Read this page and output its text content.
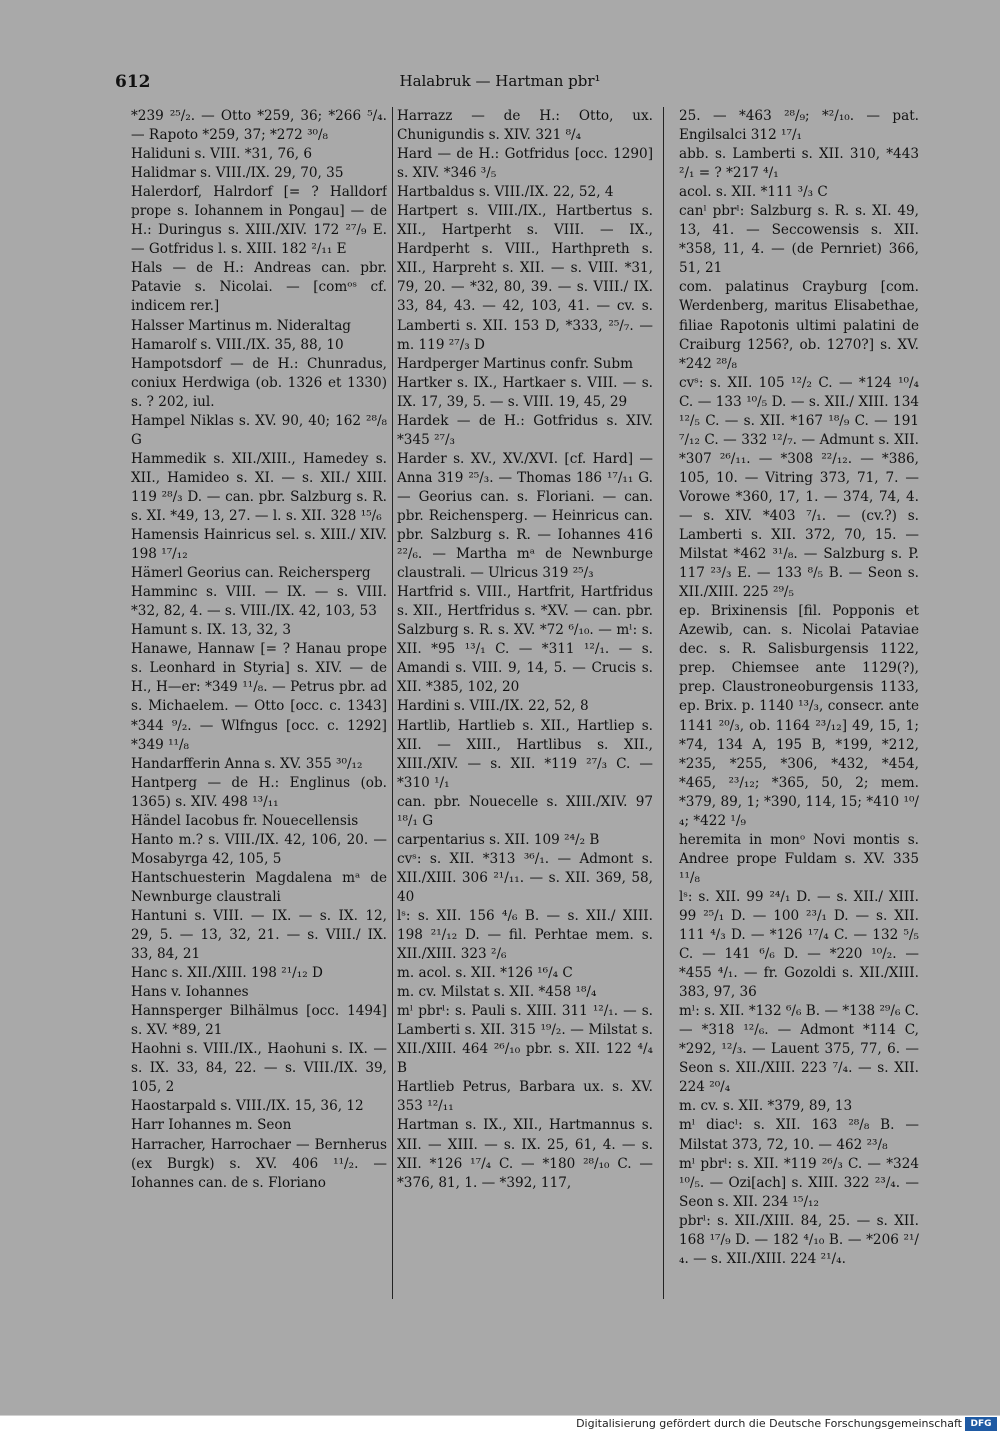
612	Halabruk — Hartman pbr¹

*239 ²⁵/₂. — Otto *259, 36; *266 ⁵/₄. — Rapoto *259, 37; *272 ³⁰/₈

Haliduni s. VIII. *31, 76, 6

Halidmar s. VIII./IX. 29, 70, 35

Halerdorf, Halrdorf [= ? Halldorf prope s. Iohannem in Pongau] — de H.: Duringus s. XIII./XIV. 172 ²⁷/₉ E. — Gotfridus l. s. XIII. 182 ²/₁₁ E

Hals — de H.: Andreas can. pbr. Patavie s. Nicolai. — [comᵒˢ cf. indicem rer.]

Halsser Martinus m. Nideraltag

Hamarolf s. VIII./IX. 35, 88, 10

Hampotsdorf — de H.: Chunradus, coniux Herdwiga (ob. 1326 et 1330) s. ? 202, iul.

Hampel Niklas s. XV. 90, 40; 162 ²⁸/₈ G

Hammedik s. XII./XIII., Hamedey s. XII., Hamideo s. XI. — s. XII./ XIII. 119 ²⁸/₃ D. — can. pbr. Salzburg s. R. s. XI. *49, 13, 27. — l. s. XII. 328 ¹⁵/₆

Hamensis Hainricus sel. s. XIII./ XIV. 198 ¹⁷/₁₂

Hämerl Georius can. Reichersperg

Hamminc s. VIII. — IX. — s. VIII. *32, 82, 4. — s. VIII./IX. 42, 103, 53

Hamunt s. IX. 13, 32, 3

Hanawe, Hannaw [= ? Hanau prope s. Leonhard in Styria] s. XIV. — de H., H—er: *349 ¹¹/₈. — Petrus pbr. ad s. Michaelem. — Otto [occ. c. 1343] *344 ⁹/₂. — Wlfngus [occ. c. 1292] *349 ¹¹/₈

Handarfferin Anna s. XV. 355 ³⁰/₁₂

Hantperg — de H.: Englinus (ob. 1365) s. XIV. 498 ¹³/₁₁

Händel Iacobus fr. Nouecellensis

Hanto m.? s. VIII./IX. 42, 106, 20. — Mosabyrga 42, 105, 5

Hantschuesterin Magdalena mᵃ de Newnburge claustrali

Hantuni s. VIII. — IX. — s. IX. 12, 29, 5. — 13, 32, 21. — s. VIII./ IX. 33, 84, 21

Hanc s. XII./XIII. 198 ²¹/₁₂ D

Hans v. Iohannes

Hannsperger Bilhälmus [occ. 1494] s. XV. *89, 21

Haohni s. VIII./IX., Haohuni s. IX. — s. IX. 33, 84, 22. — s. VIII./IX. 39, 105, 2

Haostarpald s. VIII./IX. 15, 36, 12

Harr Iohannes m. Seon

Harracher, Harrochaer — Bernherus (ex Burgk) s. XV. 406 ¹¹/₂. — Iohannes can. de s. Floriano

Harrazz — de H.: Otto, ux. Chunigundis s. XIV. 321 ⁸/₄

Hard — de H.: Gotfridus [occ. 1290] s. XIV. *346 ³/₅

Hartbaldus s. VIII./IX. 22, 52, 4

Hartpert s. VIII./IX., Hartbertus s. XII., Hartperht s. VIII. — IX., Hardperht s. VIII., Harthpreth s. XII., Harpreht s. XII. — s. VIII. *31, 79, 20. — *32, 80, 39. — s. VIII./ IX. 33, 84, 43. — 42, 103, 41. — cv. s. Lamberti s. XII. 153 D, *333, ²⁵/₇. — m. 119 ²⁷/₃ D

Hardperger Martinus confr. Subm

Hartker s. IX., Hartkaer s. VIII. — s. IX. 17, 39, 5. — s. VIII. 19, 45, 29

Hardek — de H.: Gotfridus s. XIV. *345 ²⁷/₃

Harder s. XV., XV./XVI. [cf. Hard] — Anna 319 ²⁵/₃. — Thomas 186 ¹⁷/₁₁ G. — Georius can. s. Floriani. — can. pbr. Reichensperg. — Heinricus can. pbr. Salzburg s. R. — Iohannes 416 ²²/₆. — Martha mᵃ de Newnburge claustrali. — Ulricus 319 ²⁵/₃

Hartfrid s. VIII., Hartfrit, Hartfridus s. XII., Hertfridus s. *XV. — can. pbr. Salzburg s. R. s. XV. *72 ⁶/₁₀. — mˡ: s. XII. *95 ¹³/₁ C. — *311 ¹²/₁. — s. Amandi s. VIII. 9, 14, 5. — Crucis s. XII. *385, 102, 20

Hardini s. VIII./IX. 22, 52, 8

Hartlib, Hartlieb s. XII., Hartliep s. XII. — XIII., Hartlibus s. XII., XIII./XIV. — s. XII. *119 ²⁷/₃ C. — *310 ¹/₁

can. pbr. Nouecelle s. XIII./XIV. 97 ¹⁸/₁ G

carpentarius s. XII. 109 ²⁴/₂ B

cvˢ: s. XII. *313 ³⁶/₁. — Admont s. XII./XIII. 306 ²¹/₁₁. — s. XII. 369, 58, 40

lˢ: s. XII. 156 ⁴/₆ B. — s. XII./ XIII. 198 ²¹/₁₂ D. — fil. Perhtae mem. s. XII./XIII. 323 ²/₆

m. acol. s. XII. *126 ¹⁶/₄ C

m. cv. Milstat s. XII. *458 ¹⁸/₄

mˡ pbrˡ: s. Pauli s. XIII. 311 ¹²/₁. — s. Lamberti s. XII. 315 ¹⁹/₂. — Milstat s. XII./XIII. 464 ²⁶/₁₀ pbr. s. XII. 122 ⁴/₄ B

Hartlieb Petrus, Barbara ux. s. XV. 353 ¹²/₁₁

Hartman s. IX., XII., Hartmannus s. XII. — XIII. — s. IX. 25, 61, 4. — s. XII. *126 ¹⁷/₄ C. — *180 ²⁸/₁₀ C. — *376, 81, 1. — *392, 117,

25. — *463 ²⁸/₉; *²/₁₀. — pat. Engilsalci 312 ¹⁷/₁

abb. s. Lamberti s. XII. 310, *443 ²/₁ = ? *217 ⁴/₁

acol. s. XII. *111 ³/₃ C

canˡ pbrˡ: Salzburg s. R. s. XI. 49, 13, 41. — Seccowensis s. XII. *358, 11, 4. — (de Pernriet) 366, 51, 21

com. palatinus Crayburg [com. Werdenberg, maritus Elisabethae, filiae Rapotonis ultimi palatini de Craiburg 1256?, ob. 1270?] s. XV. *242 ²⁸/₈

cvˢ: s. XII. 105 ¹²/₂ C. — *124 ¹⁰/₄ C. — 133 ¹⁰/₅ D. — s. XII./ XIII. 134 ¹²/₅ C. — s. XII. *167 ¹⁸/₉ C. — 191 ⁷/₁₂ C. — 332 ¹²/₇. — Admunt s. XII. *307 ²⁶/₁₁. — *308 ²²/₁₂. — *386, 105, 10. — Vitring 373, 71, 7. — Vorowe *360, 17, 1. — 374, 74, 4. — s. XIV. *403 ⁷/₁. — (cv.?) s. Lamberti s. XII. 372, 70, 15. — Milstat *462 ³¹/₈. — Salzburg s. P. 117 ²³/₃ E. — 133 ⁸/₅ B. — Seon s. XII./XIII. 225 ²⁹/₅

ep. Brixinensis [fil. Popponis et Azewib, can. s. Nicolai Pataviae dec. s. R. Salisburgensis 1122, prep. Chiemsee ante 1129(?), prep. Claustroneoburgensis 1133, ep. Brix. p. 1140 ¹³/₃, consecr. ante 1141 ²⁰/₃, ob. 1164 ²³/₁₂] 49, 15, 1; *74, 134 A, 195 B, *199, *212, *235, *255, *306, *432, *454, *465, ²³/₁₂; *365, 50, 2; mem. *379, 89, 1; *390, 114, 15; *410 ¹⁰/₄; *422 ¹/₉

heremita in monᵒ Novi montis s. Andree prope Fuldam s. XV. 335 ¹¹/₈

lˢ: s. XII. 99 ²⁴/₁ D. — s. XII./ XIII. 99 ²⁵/₁ D. — 100 ²³/₁ D. — s. XII. 111 ⁴/₃ D. — *126 ¹⁷/₄ C. — 132 ⁵/₅ C. — 141 ⁶/₆ D. — *220 ¹⁰/₂. — *455 ⁴/₁. — fr. Gozoldi s. XII./XIII. 383, 97, 36

mˡ: s. XII. *132 ⁶/₆ B. — *138 ²⁹/₆ C. — *318 ¹²/₆. — Admont *114 C, *292, ¹²/₃. — Lauent 375, 77, 6. — Seon s. XII./XIII. 223 ⁷/₄. — s. XII. 224 ²⁰/₄

m. cv. s. XII. *379, 89, 13

mˡ diacˡ: s. XII. 163 ²⁸/₈ B. — Milstat 373, 72, 10. — 462 ²³/₈

mˡ pbrˡ: s. XII. *119 ²⁶/₃ C. — *324 ¹⁰/₅. — Ozi[ach] s. XIII. 322 ²³/₄. — Seon s. XII. 234 ¹⁵/₁₂

pbrˡ: s. XII./XIII. 84, 25. — s. XII. 168 ¹⁷/₉ D. — 182 ⁴/₁₀ B. — *206 ²¹/₄. — s. XII./XIII. 224 ²¹/₄.

Digitalisierung gefördert durch die Deutsche Forschungsgemeinschaft DFG
